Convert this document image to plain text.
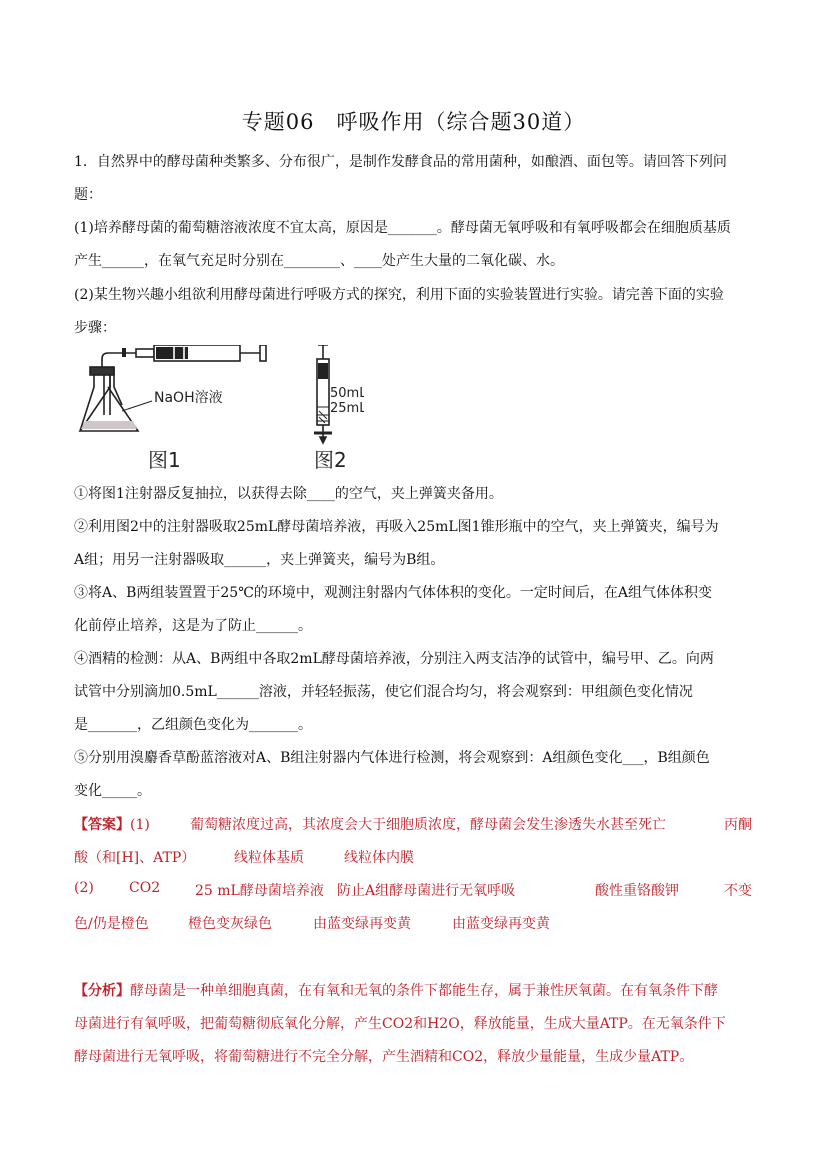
专题06　呼吸作用（综合题30道）
1．自然界中的酵母菌种类繁多、分布很广，是制作发酵食品的常用菌种，如酿酒、面包等。请回答下列问
题：
(1)培养酵母菌的葡萄糖溶液浓度不宜太高，原因是_______。酵母菌无氧呼吸和有氧呼吸都会在细胞质基质
产生______，在氧气充足时分别在________、____处产生大量的二氧化碳、水。
(2)某生物兴趣小组欲利用酵母菌进行呼吸方式的探究，利用下面的实验装置进行实验。请完善下面的实验
步骤：
NaOH溶液
图1
50mL
25mL
图2
①将图1注射器反复抽拉，以获得去除____的空气，夹上弹簧夹备用。
②利用图2中的注射器吸取25mL酵母菌培养液，再吸入25mL图1锥形瓶中的空气，夹上弹簧夹，编号为
A组；用另一注射器吸取______，夹上弹簧夹，编号为B组。
③将A、B两组装置置于25℃的环境中，观测注射器内气体体积的变化。一定时间后，在A组气体体积变
化前停止培养，这是为了防止______。
④酒精的检测：从A、B两组中各取2mL酵母菌培养液，分别注入两支洁净的试管中，编号甲、乙。向两
试管中分别滴加0.5mL______溶液，并轻轻振荡，使它们混合均匀，将会观察到：甲组颜色变化情况
是_______，乙组颜色变化为_______。
⑤分别用溴麝香草酚蓝溶液对A、B组注射器内气体进行检测，将会观察到：A组颜色变化___，B组颜色
变化_____。
【答案】(1)	葡萄糖浓度过高，其浓度会大于细胞质浓度，酵母菌会发生渗透失水甚至死亡	丙酮
酸（和[H]、ATP）	线粒体基质	线粒体内膜
(2)	CO2 25 mL酵母菌培养液 防止A组酵母菌进行无氧呼吸	酸性重铬酸钾	不变
色/仍是橙色	橙色变灰绿色	由蓝变绿再变黄	由蓝变绿再变黄
【分析】酵母菌是一种单细胞真菌，在有氧和无氧的条件下都能生存，属于兼性厌氧菌。在有氧条件下酵
母菌进行有氧呼吸，把葡萄糖彻底氧化分解，产生CO2和H2O，释放能量，生成大量ATP。在无氧条件下
酵母菌进行无氧呼吸，将葡萄糖进行不完全分解，产生酒精和CO2，释放少量能量，生成少量ATP。
